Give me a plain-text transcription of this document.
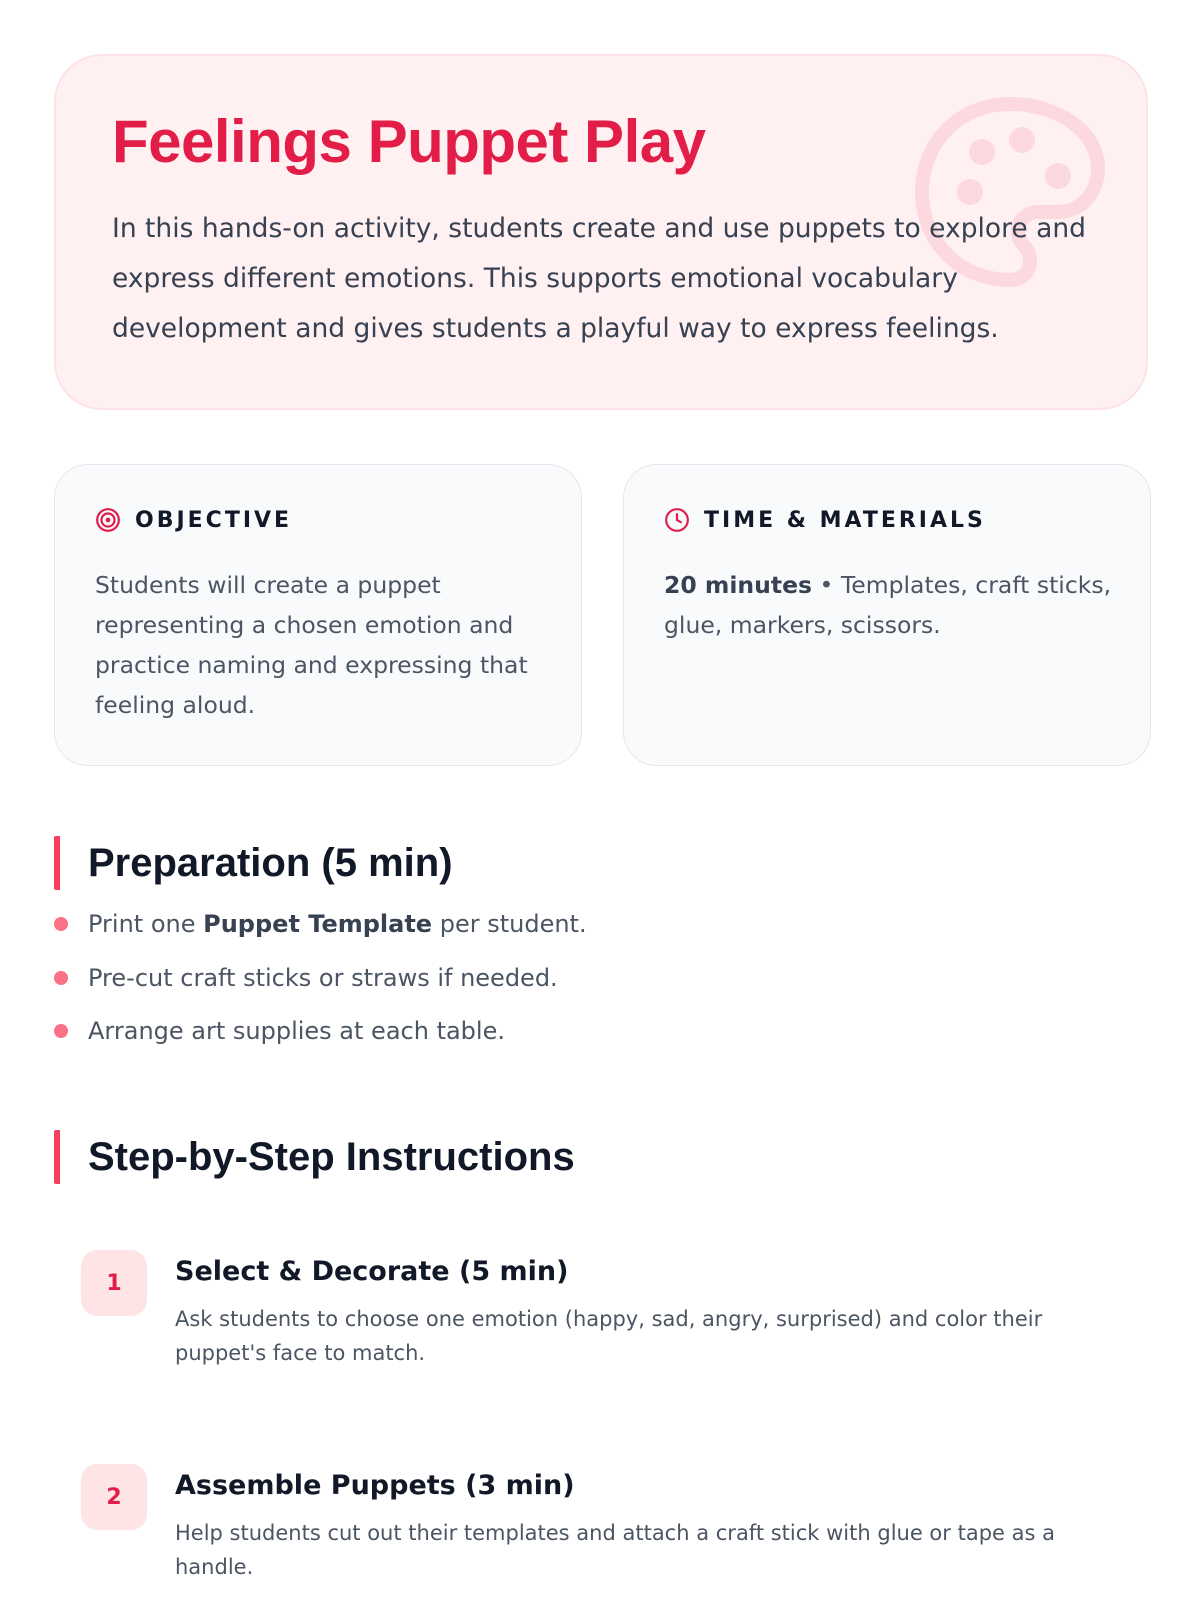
Feelings Puppet Play

In this hands-on activity, students create and use puppets to explore and express different emotions. This supports emotional vocabulary development and gives students a playful way to express feelings.

OBJECTIVE

Students will create a puppet representing a chosen emotion and practice naming and expressing that feeling aloud.

TIME & MATERIALS

20 minutes • Templates, craft sticks, glue, markers, scissors.

Preparation (5 min)
Print one Puppet Template per student.
Pre-cut craft sticks or straws if needed.
Arrange art supplies at each table.
Step-by-Step Instructions
1	Select & Decorate (5 min)

Ask students to choose one emotion (happy, sad, angry, surprised) and color their puppet's face to match.

2	Assemble Puppets (3 min)

Help students cut out their templates and attach a craft stick with glue or tape as a handle.
